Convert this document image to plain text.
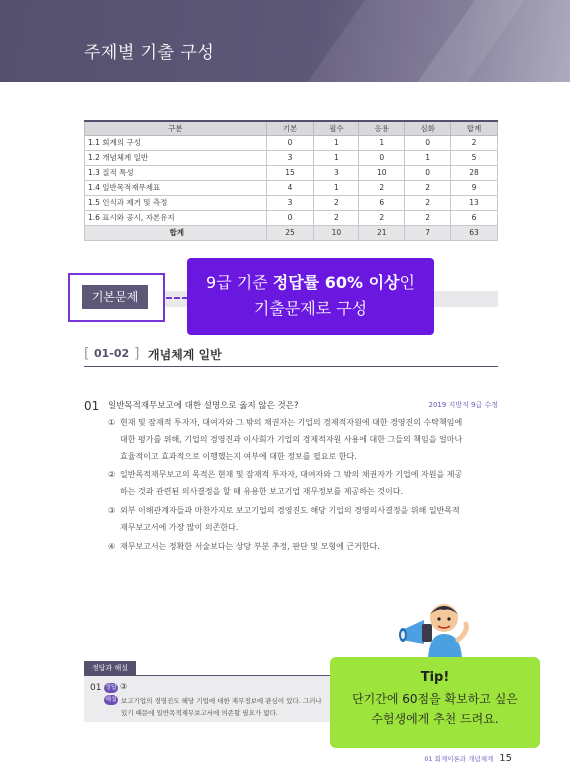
주제별 기출 구성
구분	기본	필수	응용	심화	합계
1.1 회계의 구성	0	1	1	0	2
1.2 개념체계 일반	3	1	0	1	5
1.3 질적 특성	15	3	10	0	28
1.4 일반목적재무제표	4	1	2	2	9
1.5 인식과 제거 및 측정	3	2	6	2	13
1.6 표시와 공시, 자본유지	0	2	2	2	6
합계	25	10	21	7	63
기본문제
9급 기준 정답률 60% 이상인
기출문제로 구성
[ 01-02 ] 개념체계 일반
01 일반목적재무보고에 대한 설명으로 옳지 않은 것은?	2019 지방직 9급 수정
① 현재 및 잠재적 투자자, 대여자와 그 밖의 채권자는 기업의 경제적자원에 대한 경영진의 수탁책임에
대한 평가를 위해, 기업의 경영진과 이사회가 기업의 경제적자원 사용에 대한 그들의 책임을 얼마나
효율적이고 효과적으로 이행했는지 여부에 대한 정보를 필요로 한다.
② 일반목적재무보고의 목적은 현재 및 잠재적 투자자, 대여자와 그 밖의 채권자가 기업에 자원을 제공
하는 것과 관련된 의사결정을 할 때 유용한 보고기업 재무정보를 제공하는 것이다.
③ 외부 이해관계자들과 마찬가지로 보고기업의 경영진도 해당 기업의 경영의사결정을 위해 일반목적
재무보고서에 가장 많이 의존한다.
④ 재무보고서는 정확한 서술보다는 상당 부분 추정, 판단 및 모형에 근거한다.
정답과 해설
01 정답 ③
해설 보고기업의 경영진도 해당 기업에 대한 재무정보에 관심이 있다. 그러나
있기 때문에 일반목적재무보고서에 의존할 필요가 없다.
Tip!
단기간에 60점을 확보하고 싶은
수험생에게 추천 드려요.
01 회계이론과 개념체계 15
